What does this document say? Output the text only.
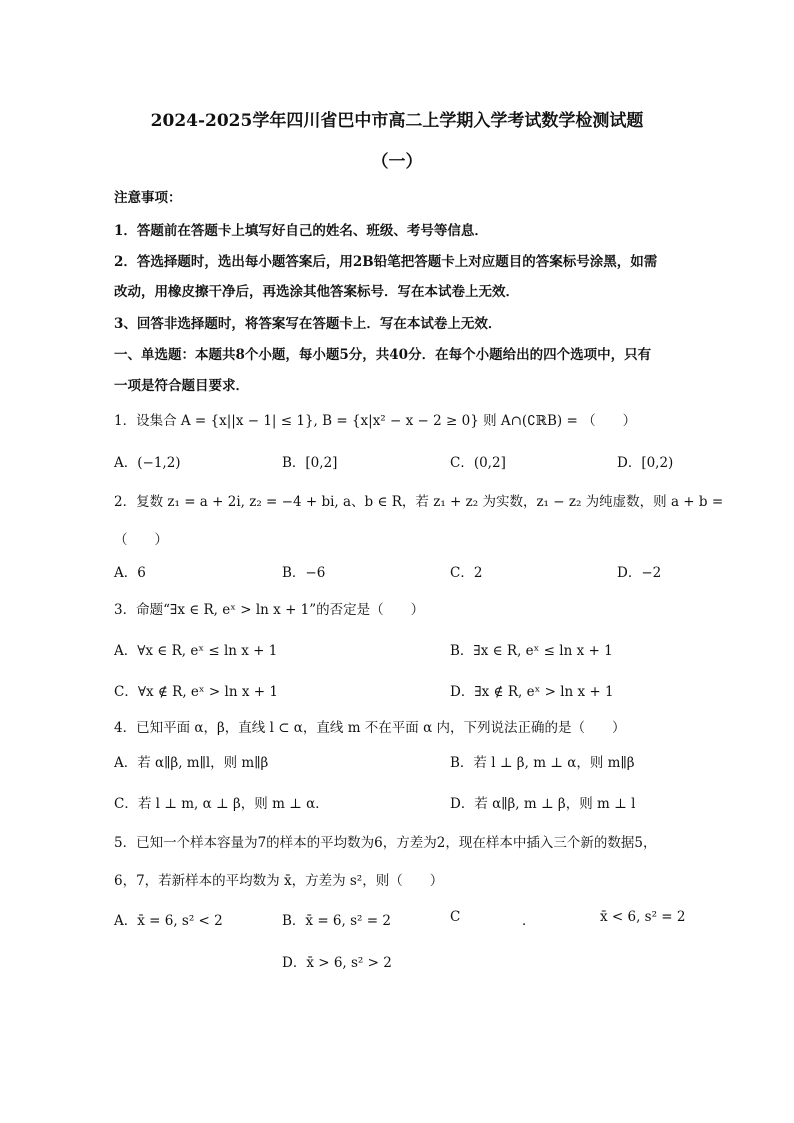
2024-2025学年四川省巴中市高二上学期入学考试数学检测试题
（一）
注意事项：
1．答题前在答题卡上填写好自己的姓名、班级、考号等信息．
2．答选择题时，选出每小题答案后，用2B铅笔把答题卡上对应题目的答案标号涂黑，如需
改动，用橡皮擦干净后，再选涂其他答案标号．写在本试卷上无效．
3、回答非选择题时，将答案写在答题卡上．写在本试卷上无效．
一、单选题：本题共8个小题，每小题5分，共40分．在每个小题给出的四个选项中，只有
一项是符合题目要求．
1．设集合 A = {x||x − 1| ≤ 1}, B = {x|x² − x − 2 ≥ 0} 则 A∩(∁ℝB) = （　　）
A．(−1,2)	B．[0,2]	C．(0,2]	D．[0,2)
2．复数 z₁ = a + 2i, z₂ = −4 + bi, a、b ∈ R，若 z₁ + z₂ 为实数，z₁ − z₂ 为纯虚数，则 a + b =
（　　）
A．6	B．−6	C．2	D．−2
3．命题“∃x ∈ R, eˣ > ln x + 1”的否定是（　　）
A．∀x ∈ R, eˣ ≤ ln x + 1	B．∃x ∈ R, eˣ ≤ ln x + 1
C．∀x ∉ R, eˣ > ln x + 1	D．∃x ∉ R, eˣ > ln x + 1
4．已知平面 α，β，直线 l ⊂ α，直线 m 不在平面 α 内，下列说法正确的是（　　）
A．若 α∥β, m∥l，则 m∥β	B．若 l ⊥ β, m ⊥ α，则 m∥β
C．若 l ⊥ m, α ⊥ β，则 m ⊥ α．	D．若 α∥β, m ⊥ β，则 m ⊥ l
5．已知一个样本容量为7的样本的平均数为6，方差为2，现在样本中插入三个新的数据5，
6，7，若新样本的平均数为 x̄，方差为 s²，则（　　）
A．x̄ = 6, s² < 2	B．x̄ = 6, s² = 2	C	．	x̄ < 6, s² = 2
D．x̄ > 6, s² > 2
